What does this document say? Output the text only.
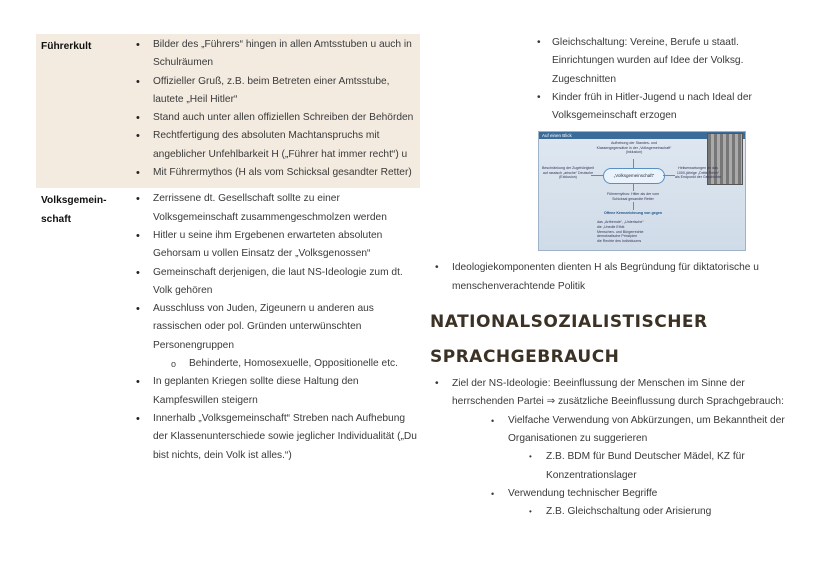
Führerkult
•	Bilder des „Führers“ hingen in allen Amtsstuben u auch in Schulräumen
• Offizieller Gruß, z.B. beim Betreten einer Amtsstube, lautete „Heil Hitler“
• Stand auch unter allen offiziellen Schreiben der Behörden
• Rechtfertigung des absoluten Machtanspruchs mit angeblicher Unfehlbarkeit H („Führer hat immer recht“) u
• Mit Führermythos (H als vom Schicksal gesandter Retter)
Volksgemein-
schaft
• Zerrissene dt. Gesellschaft sollte zu einer Volksgemeinschaft zusammengeschmolzen werden
• Hitler u seine ihm Ergebenen erwarteten absoluten Gehorsam u vollen Einsatz der „Volksgenossen“
• Gemeinschaft derjenigen, die laut NS-Ideologie zum dt. Volk gehören
• Ausschluss von Juden, Zigeunern u anderen aus rassischen oder pol. Gründen unterwünschten Personengruppen
o Behinderte, Homosexuelle, Oppositionelle etc.
• In geplanten Kriegen sollte diese Haltung den Kampfeswillen steigern
• Innerhalb „Volksgemeinschaft“ Streben nach Aufhebung der Klassenunterschiede sowie jeglicher Individualität („Du bist nichts, dein Volk ist alles.“)
• Gleichschaltung: Vereine, Berufe u staatl. Einrichtungen wurden auf Idee der Volksg. Zugeschnitten
• Kinder früh in Hitler-Jugend u nach Ideal der Volksgemeinschaft erzogen
Auf einen Blick
Aufhebung der Standes- und Klassengegensätze in der „Volksgemeinschaft“ (Inklusion)
Beschränkung der Zugehörigkeit auf rassisch „arische“ Deutsche (Exklusion)	„Volksgemeinschaft“
Heilserwartungen an das 1000-jährige „Dritte Reich“ als Endpunkt der Geschichte
Führermythos: Hitler als der vom Schicksal gesandte Retter
Offene Kennzeichnung von gegen
das „Artfremde“, „Unterische“
die „Unedle Ethik
Menschen- und Bürgerrechte
demokratische Prinzipien
die Rechte des Individuums
• Ideologiekomponenten dienten H als Begründung für diktatorische u menschenverachtende Politik
NATIONALSOZIALISTISCHER
SPRACHGEBRAUCH
• Ziel der NS-Ideologie: Beeinflussung der Menschen im Sinne der herrschenden Partei ⇒ zusätzliche Beeinflussung durch Sprachgebrauch:
• Vielfache Verwendung von Abkürzungen, um Bekanntheit der Organisationen zu suggerieren
• Z.B. BDM für Bund Deutscher Mädel, KZ für Konzentrationslager
• Verwendung technischer Begriffe
• Z.B. Gleichschaltung oder Arisierung
